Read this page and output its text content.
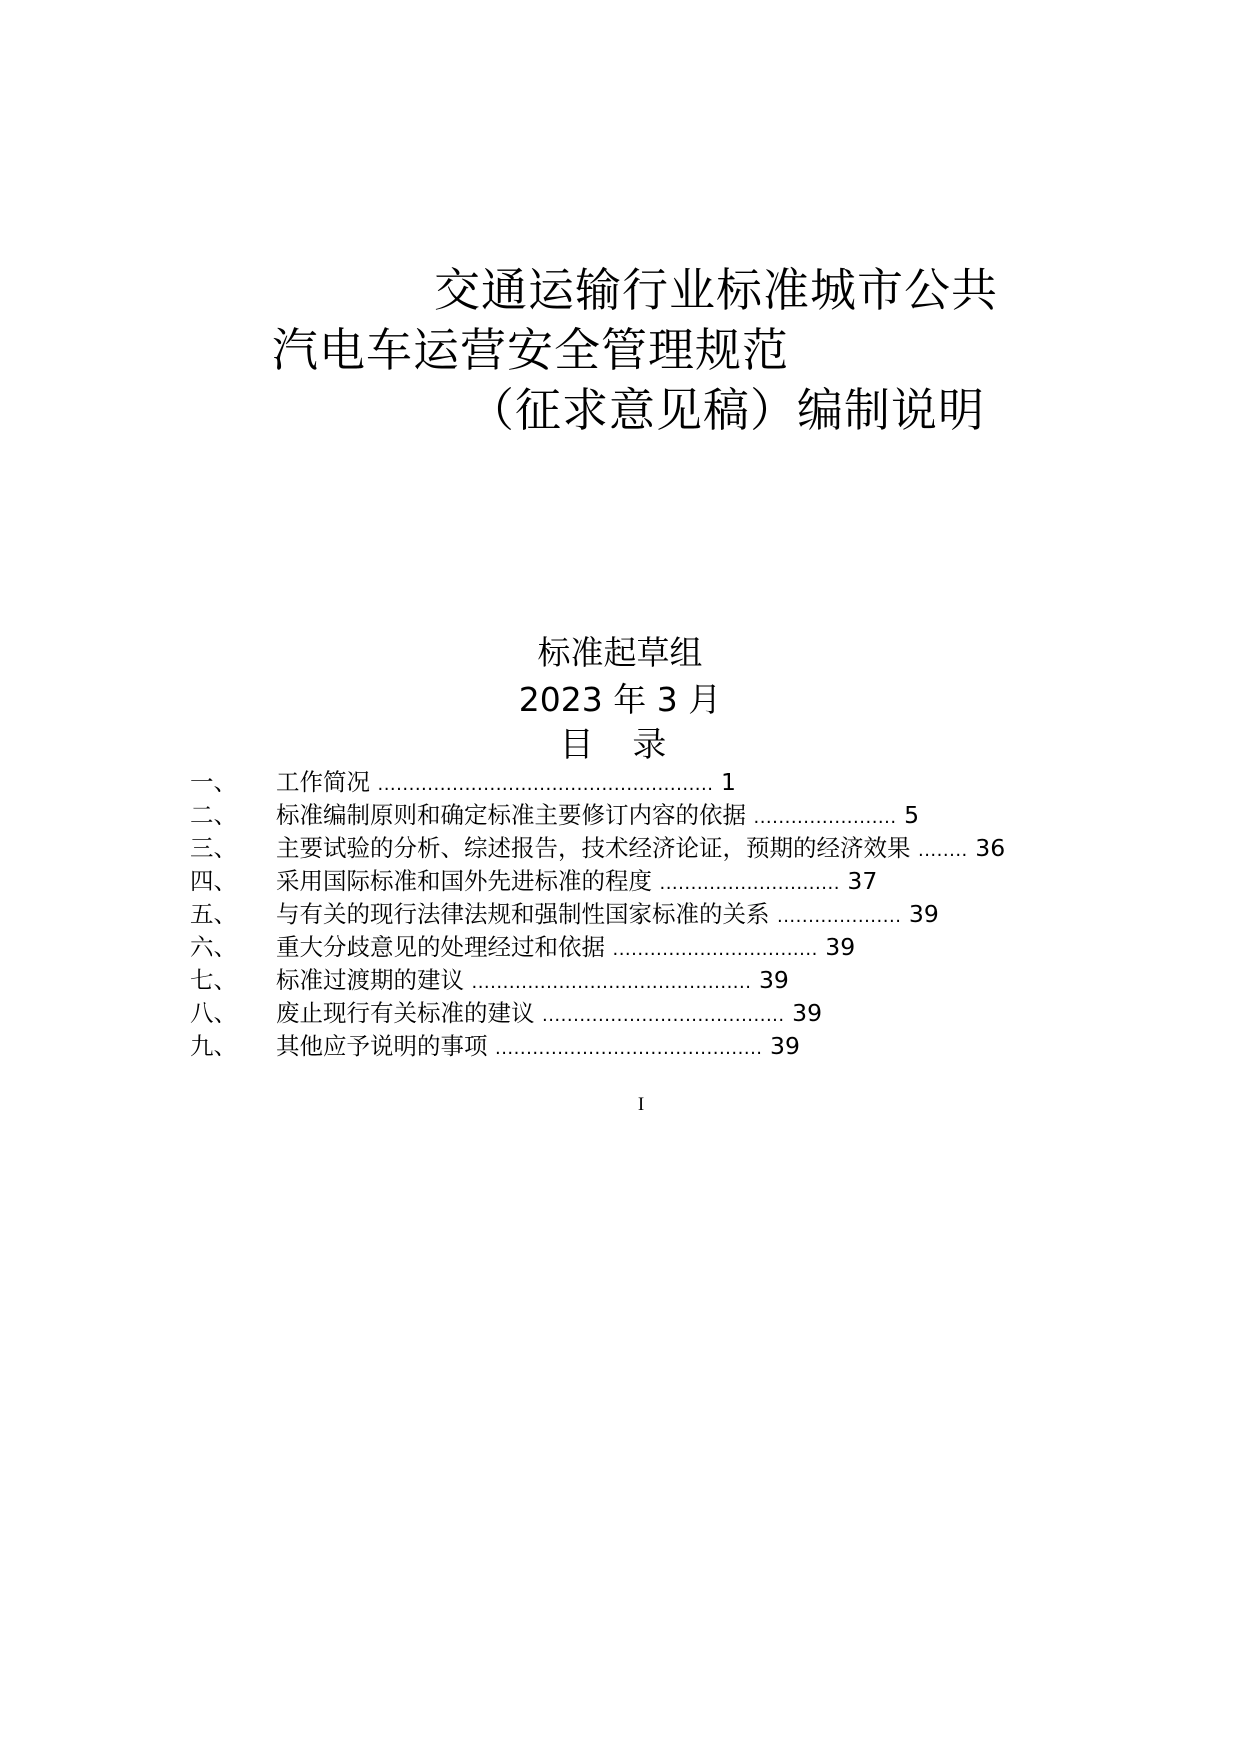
交通运输行业标准城市公共
汽电车运营安全管理规范
（征求意见稿）编制说明
标准起草组
2023 年 3 月
目 录
一、 工作简况 ...................................................... 1
二、 标准编制原则和确定标准主要修订内容的依据 ....................... 5
三、 主要试验的分析、综述报告，技术经济论证，预期的经济效果 ........ 36
四、 采用国际标准和国外先进标准的程度 ............................. 37
五、 与有关的现行法律法规和强制性国家标准的关系 .................... 39
六、 重大分歧意见的处理经过和依据 ................................. 39
七、 标准过渡期的建议 ............................................. 39
八、 废止现行有关标准的建议 ....................................... 39
九、 其他应予说明的事项 ........................................... 39
I
